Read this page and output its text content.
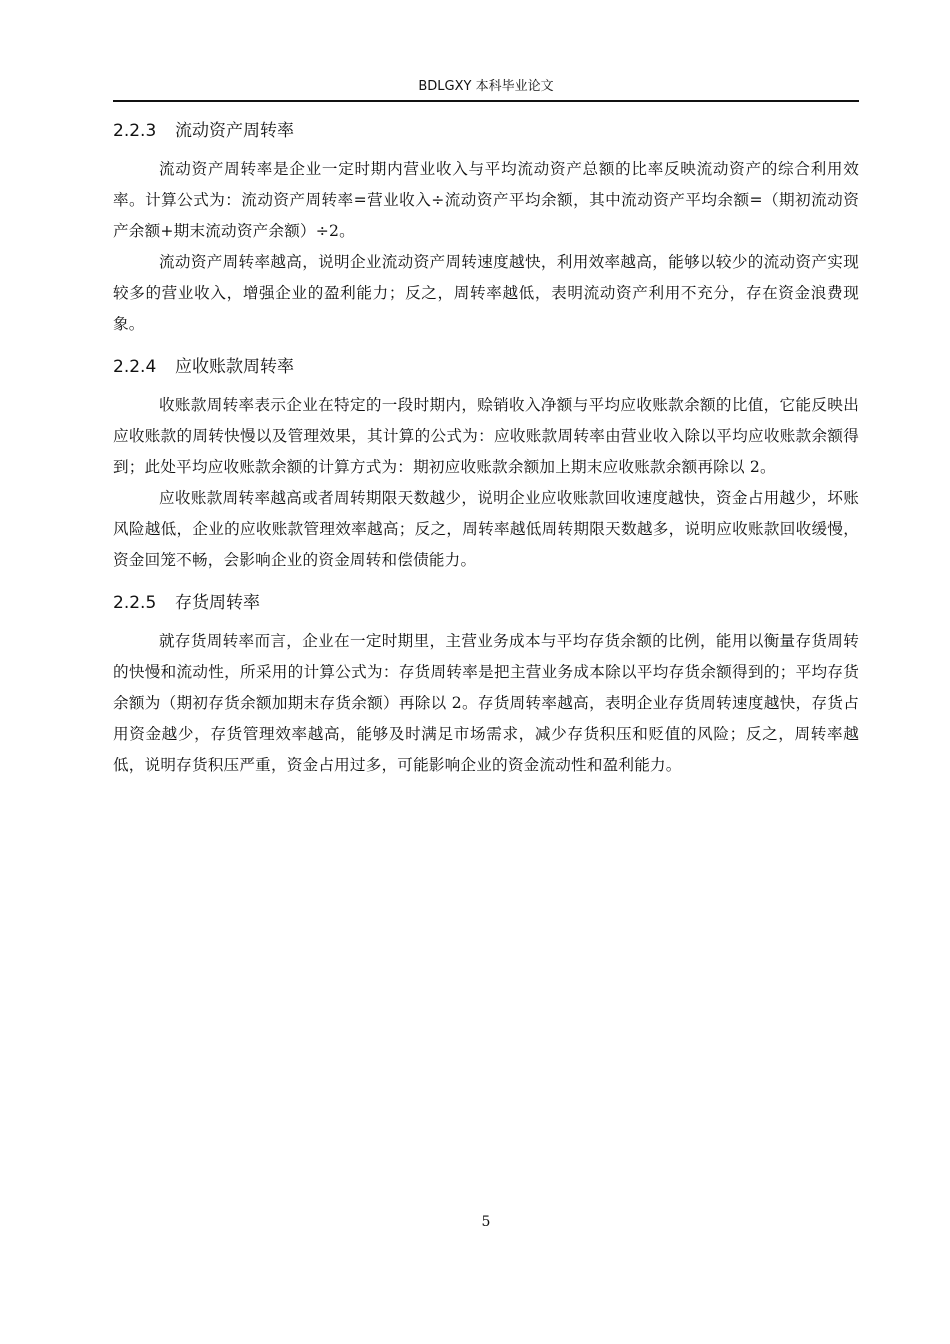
BDLGXY 本科毕业论文
2.2.3 流动资产周转率

流动资产周转率是企业一定时期内营业收入与平均流动资产总额的比率反映流动资产的综合利用效率。计算公式为：流动资产周转率=营业收入÷流动资产平均余额，其中流动资产平均余额=（期初流动资产余额+期末流动资产余额）÷2。

流动资产周转率越高，说明企业流动资产周转速度越快，利用效率越高，能够以较少的流动资产实现较多的营业收入，增强企业的盈利能力；反之，周转率越低，表明流动资产利用不充分，存在资金浪费现象。

2.2.4 应收账款周转率

收账款周转率表示企业在特定的一段时期内，赊销收入净额与平均应收账款余额的比值，它能反映出应收账款的周转快慢以及管理效果，其计算的公式为：应收账款周转率由营业收入除以平均应收账款余额得到；此处平均应收账款余额的计算方式为：期初应收账款余额加上期末应收账款余额再除以 2。

应收账款周转率越高或者周转期限天数越少，说明企业应收账款回收速度越快，资金占用越少，坏账风险越低，企业的应收账款管理效率越高；反之，周转率越低周转期限天数越多，说明应收账款回收缓慢，资金回笼不畅，会影响企业的资金周转和偿债能力。

2.2.5 存货周转率

就存货周转率而言，企业在一定时期里，主营业务成本与平均存货余额的比例，能用以衡量存货周转的快慢和流动性，所采用的计算公式为：存货周转率是把主营业务成本除以平均存货余额得到的；平均存货余额为（期初存货余额加期末存货余额）再除以 2。存货周转率越高，表明企业存货周转速度越快，存货占用资金越少，存货管理效率越高，能够及时满足市场需求，减少存货积压和贬值的风险；反之，周转率越低，说明存货积压严重，资金占用过多，可能影响企业的资金流动性和盈利能力。

5
